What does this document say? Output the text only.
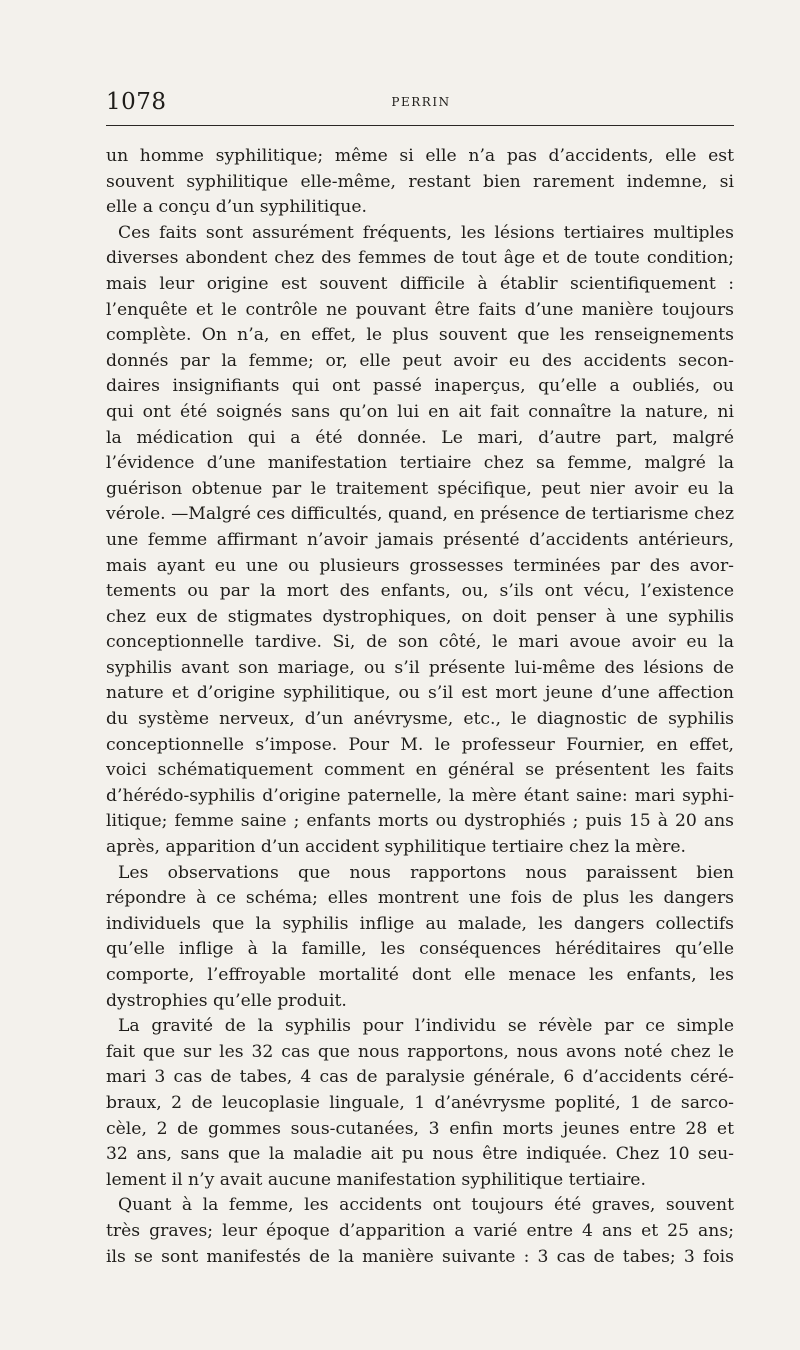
1078	PERRIN
un homme syphilitique; même si elle n’a pas d’accidents, elle est
souvent syphilitique elle-même, restant bien rarement indemne, si
elle a conçu d’un syphilitique.
Ces faits sont assurément fréquents, les lésions tertiaires multiples
diverses abondent chez des femmes de tout âge et de toute condition;
mais leur origine est souvent difficile à établir scientifiquement :
l’enquête et le contrôle ne pouvant être faits d’une manière toujours
complète. On n’a, en effet, le plus souvent que les renseignements
donnés par la femme; or, elle peut avoir eu des accidents secon-
daires insignifiants qui ont passé inaperçus, qu’elle a oubliés, ou
qui ont été soignés sans qu’on lui en ait fait connaître la nature, ni
la médication qui a été donnée. Le mari, d’autre part, malgré
l’évidence d’une manifestation tertiaire chez sa femme, malgré la
guérison obtenue par le traitement spécifique, peut nier avoir eu la
vérole. —Malgré ces difficultés, quand, en présence de tertiarisme chez
une femme affirmant n’avoir jamais présenté d’accidents antérieurs,
mais ayant eu une ou plusieurs grossesses terminées par des avor-
tements ou par la mort des enfants, ou, s’ils ont vécu, l’existence
chez eux de stigmates dystrophiques, on doit penser à une syphilis
conceptionnelle tardive. Si, de son côté, le mari avoue avoir eu la
syphilis avant son mariage, ou s’il présente lui-même des lésions de
nature et d’origine syphilitique, ou s’il est mort jeune d’une affection
du système nerveux, d’un anévrysme, etc., le diagnostic de syphilis
conceptionnelle s’impose. Pour M. le professeur Fournier, en effet,
voici schématiquement comment en général se présentent les faits
d’hérédo-syphilis d’origine paternelle, la mère étant saine: mari syphi-
litique; femme saine ; enfants morts ou dystrophiés ; puis 15 à 20 ans
après, apparition d’un accident syphilitique tertiaire chez la mère.
Les observations que nous rapportons nous paraissent bien
répondre à ce schéma; elles montrent une fois de plus les dangers
individuels que la syphilis inflige au malade, les dangers collectifs
qu’elle inflige à la famille, les conséquences héréditaires qu’elle
comporte, l’effroyable mortalité dont elle menace les enfants, les
dystrophies qu’elle produit.
La gravité de la syphilis pour l’individu se révèle par ce simple
fait que sur les 32 cas que nous rapportons, nous avons noté chez le
mari 3 cas de tabes, 4 cas de paralysie générale, 6 d’accidents céré-
braux, 2 de leucoplasie linguale, 1 d’anévrysme poplité, 1 de sarco-
cèle, 2 de gommes sous-cutanées, 3 enfin morts jeunes entre 28 et
32 ans, sans que la maladie ait pu nous être indiquée. Chez 10 seu-
lement il n’y avait aucune manifestation syphilitique tertiaire.
Quant à la femme, les accidents ont toujours été graves, souvent
très graves; leur époque d’apparition a varié entre 4 ans et 25 ans;
ils se sont manifestés de la manière suivante : 3 cas de tabes; 3 fois
